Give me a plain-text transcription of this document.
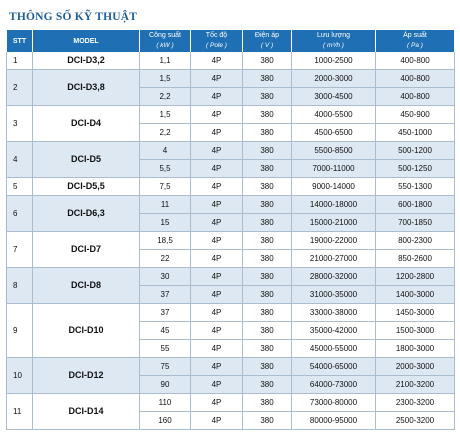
THÔNG SỐ KỸ THUẬT
STT	MODEL	Công suất	Tốc độ	Điện áp	Lưu lượng	Áp suất
		( kW )	( Pole )	( V )	( m³/h )	( Pa )
1	DCI-D3,2	1,1	4P	380	1000-2500	400-800
2	DCI-D3,8	1,5	4P	380	2000-3000	400-800
		2,2	4P	380	3000-4500	400-800
3	DCI-D4	1,5	4P	380	4000-5500	450-900
		2,2	4P	380	4500-6500	450-1000
4	DCI-D5	4	4P	380	5500-8500	500-1200
		5,5	4P	380	7000-11000	500-1250
5	DCI-D5,5	7,5	4P	380	9000-14000	550-1300
6	DCI-D6,3	11	4P	380	14000-18000	600-1800
		15	4P	380	15000-21000	700-1850
7	DCI-D7	18,5	4P	380	19000-22000	800-2300
		22	4P	380	21000-27000	850-2600
8	DCI-D8	30	4P	380	28000-32000	1200-2800
		37	4P	380	31000-35000	1400-3000
9	DCI-D10	37	4P	380	33000-38000	1450-3000
		45	4P	380	35000-42000	1500-3000
		55	4P	380	45000-55000	1800-3000
10	DCI-D12	75	4P	380	54000-65000	2000-3000
		90	4P	380	64000-73000	2100-3200
11	DCI-D14	110	4P	380	73000-80000	2300-3200
		160	4P	380	80000-95000	2500-3200
